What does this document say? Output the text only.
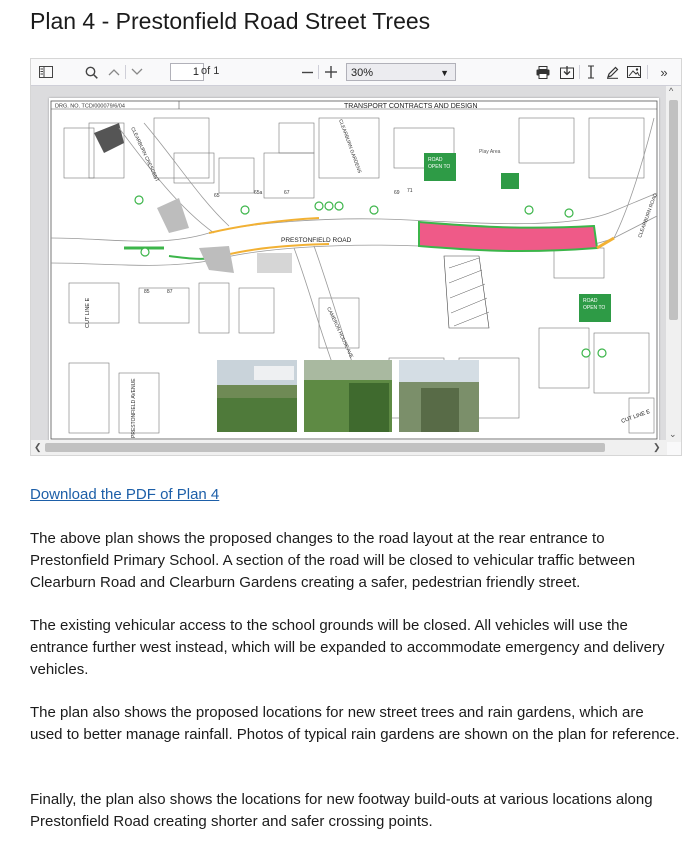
Plan 4 - Prestonfield Road Street Trees
1 of 1	30%	▼	»
DRG. NO. TCD/000079/6/04	TRANSPORT CONTRACTS AND DESIGN
ROAD
OPEN TO
ROAD
OPEN TO
PRESTONFIELD ROAD
Play Area
CLEARBURN CRESCENT	CLEARBURN GARDENS
CAMERON HOUSE AVE
CLEARBURN ROAD
PRESTONFIELD AVENUE
CUT LINE E
CUT LINE E
65	65a	67	69 71
85	87
^
⌄
❮	❯
Download the PDF of Plan 4

The above plan shows the proposed changes to the road layout at the rear entrance to Prestonfield Primary School. A section of the road will be closed to vehicular traffic between Clearburn Road and Clearburn Gardens creating a safer, pedestrian friendly street.

The existing vehicular access to the school grounds will be closed. All vehicles will use the entrance further west instead, which will be expanded to accommodate emergency and delivery vehicles.

The plan also shows the proposed locations for new street trees and rain gardens, which are used to better manage rainfall. Photos of typical rain gardens are shown on the plan for reference.

Finally, the plan also shows the locations for new footway build-outs at various locations along Prestonfield Road creating shorter and safer crossing points.
